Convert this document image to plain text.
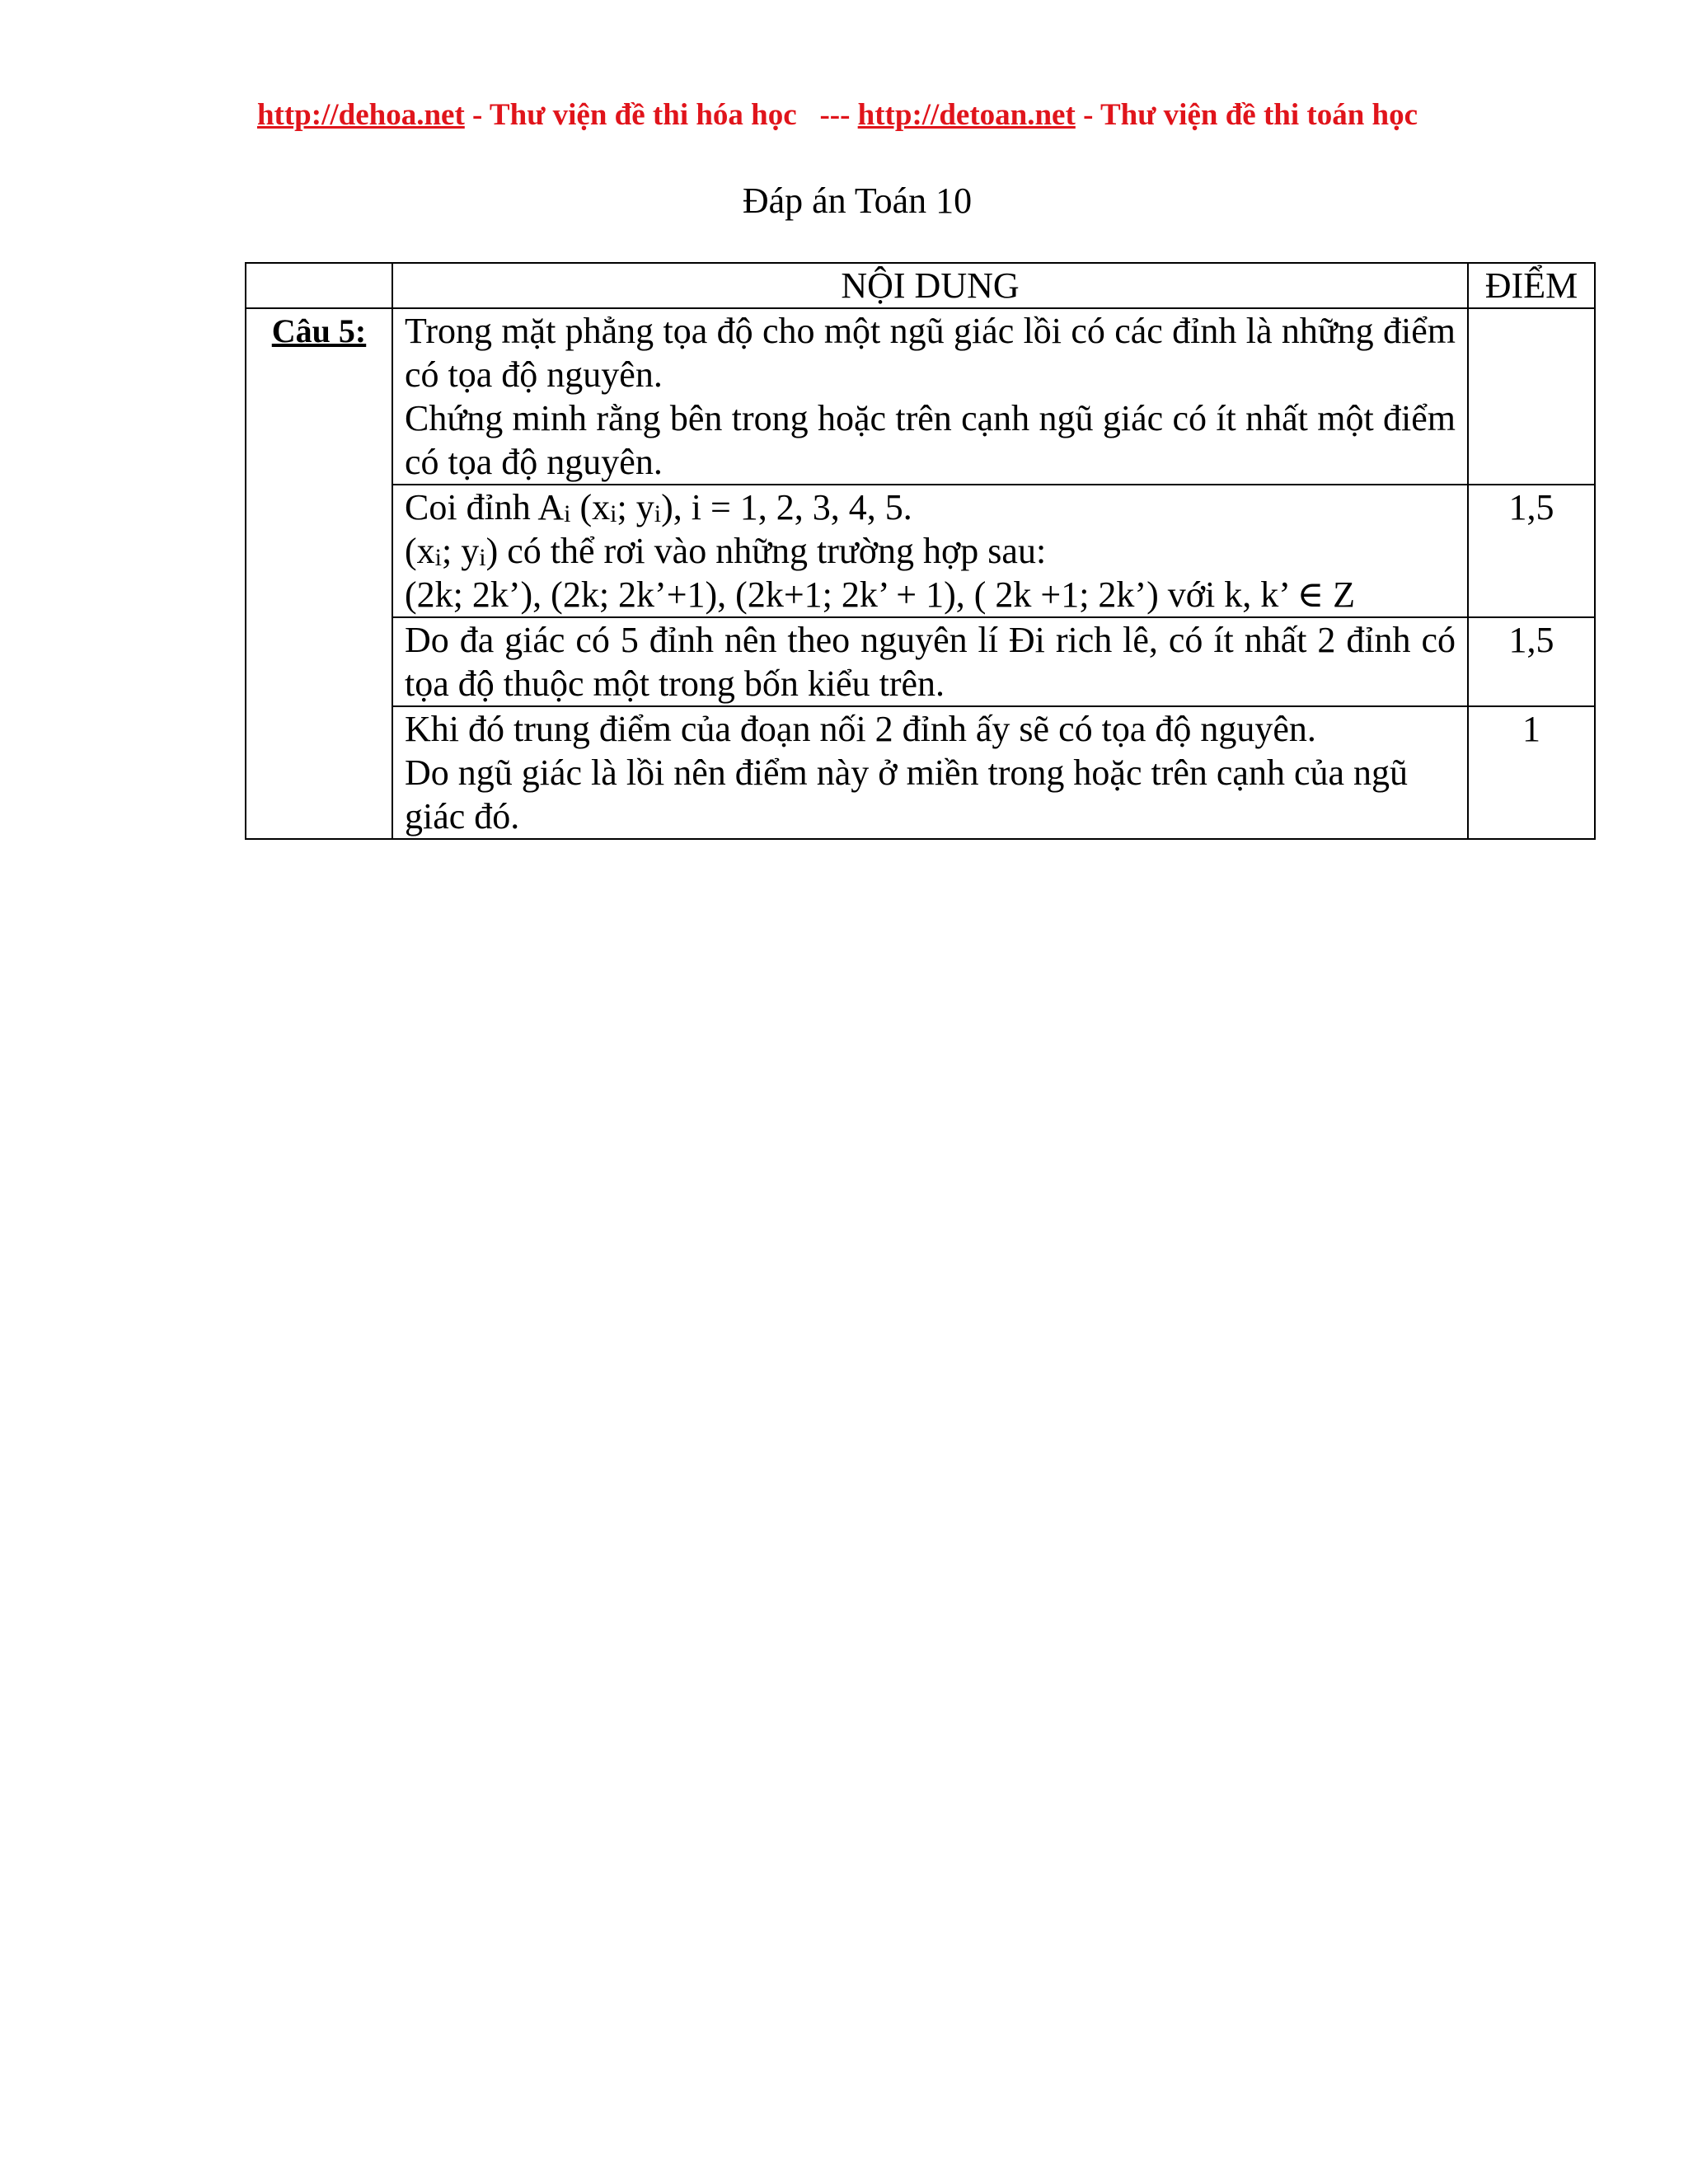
http://dehoa.net - Thư viện đề thi hóa học   --- http://detoan.net - Thư viện đề thi toán học
Đáp án Toán 10
	NỘI DUNG	ĐIỂM
Câu 5:	Trong mặt phẳng tọa độ cho một ngũ giác lồi có các đỉnh là những điểm có tọa độ nguyên.

Chứng minh rằng bên trong hoặc trên cạnh ngũ giác có ít nhất một điểm có tọa độ nguyên.	

	Coi đỉnh $A_i$ ($x_i$; $y_i$), i = 1, 2, 3, 4, 5.

($x_i$; $y_i$) có thể rơi vào những trường hợp sau:

(2k; 2k’), (2k; 2k’+1), (2k+1; 2k’ + 1), ( 2k +1; 2k’) với k, k’ ∈ Z	1,5

	Do đa giác có 5 đỉnh nên theo nguyên lí Đi rich lê, có ít nhất 2 đỉnh có tọa độ thuộc một trong bốn kiểu trên.	1,5

	Khi đó trung điểm của đoạn nối 2 đỉnh ấy sẽ có tọa độ nguyên.

Do ngũ giác là lồi nên điểm này ở miền trong hoặc trên cạnh của ngũ giác đó.	1
